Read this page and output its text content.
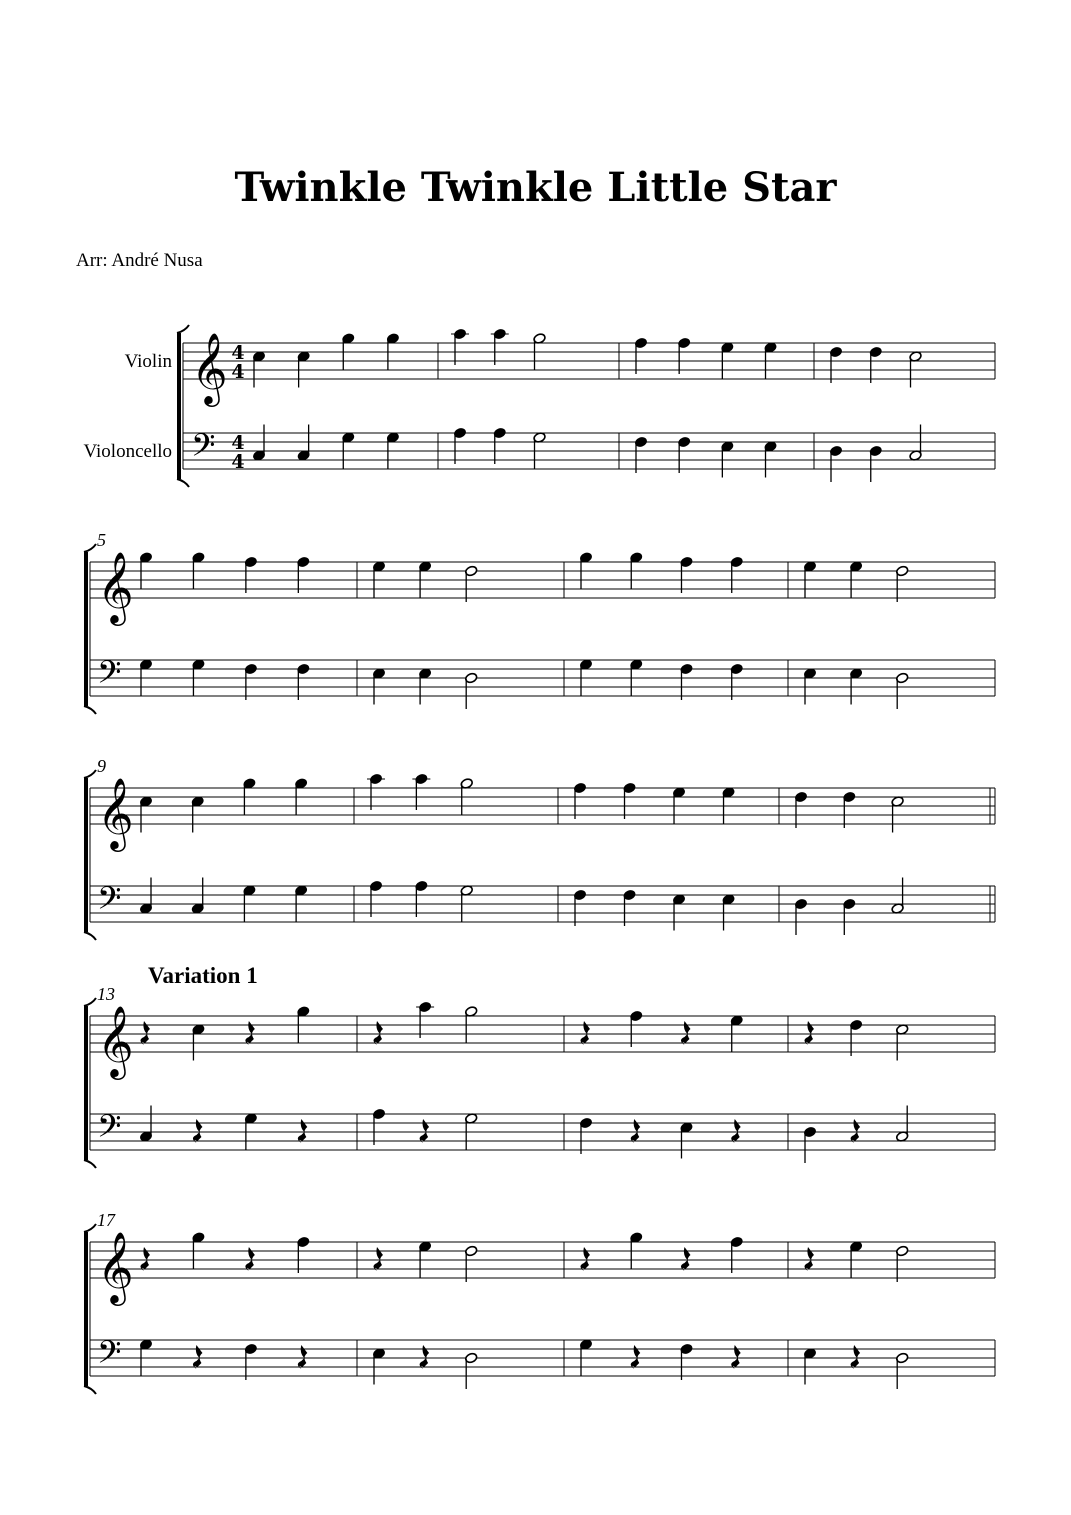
Twinkle Twinkle Little Star
Arr: André Nusa
Violin
Violoncello
5
9
13
17
Variation 1
𝄞
𝄢
4
4
4
4
𝄞
𝄢
𝄞
𝄢
𝄞
𝄢
𝄞
𝄢
